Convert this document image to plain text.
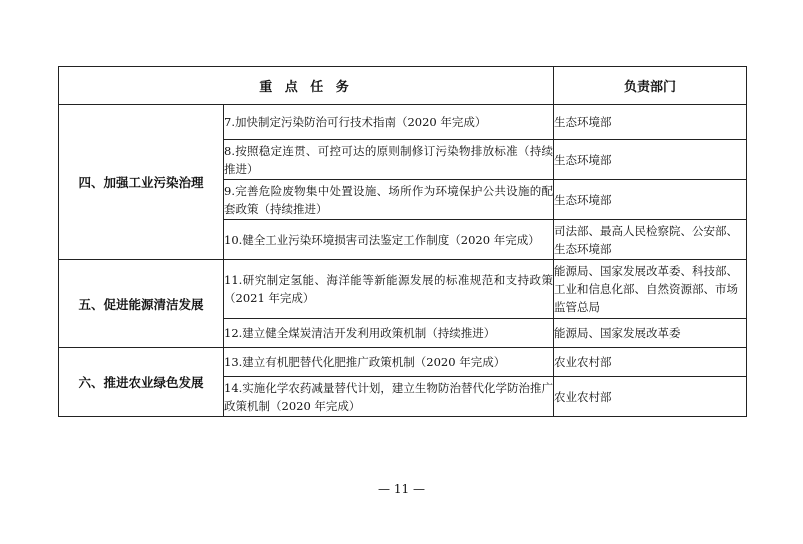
重 点 任 务		负责部门
四、加强工业污染治理	7.加快制定污染防治可行技术指南（2020 年完成）	生态环境部
	8.按照稳定连贯、可控可达的原则制修订污染物排放标准（持续推进）	生态环境部
	9.完善危险废物集中处置设施、场所作为环境保护公共设施的配套政策（持续推进）	生态环境部
	10.健全工业污染环境损害司法鉴定工作制度（2020 年完成）	司法部、最高人民检察院、公安部、生态环境部
五、促进能源清洁发展	11.研究制定氢能、海洋能等新能源发展的标准规范和支持政策（2021 年完成）	能源局、国家发展改革委、科技部、工业和信息化部、自然资源部、市场监管总局
	12.建立健全煤炭清洁开发利用政策机制（持续推进）	能源局、国家发展改革委
六、推进农业绿色发展	13.建立有机肥替代化肥推广政策机制（2020 年完成）	农业农村部
	14.实施化学农药减量替代计划，建立生物防治替代化学防治推广政策机制（2020 年完成）	农业农村部
— 11 —
